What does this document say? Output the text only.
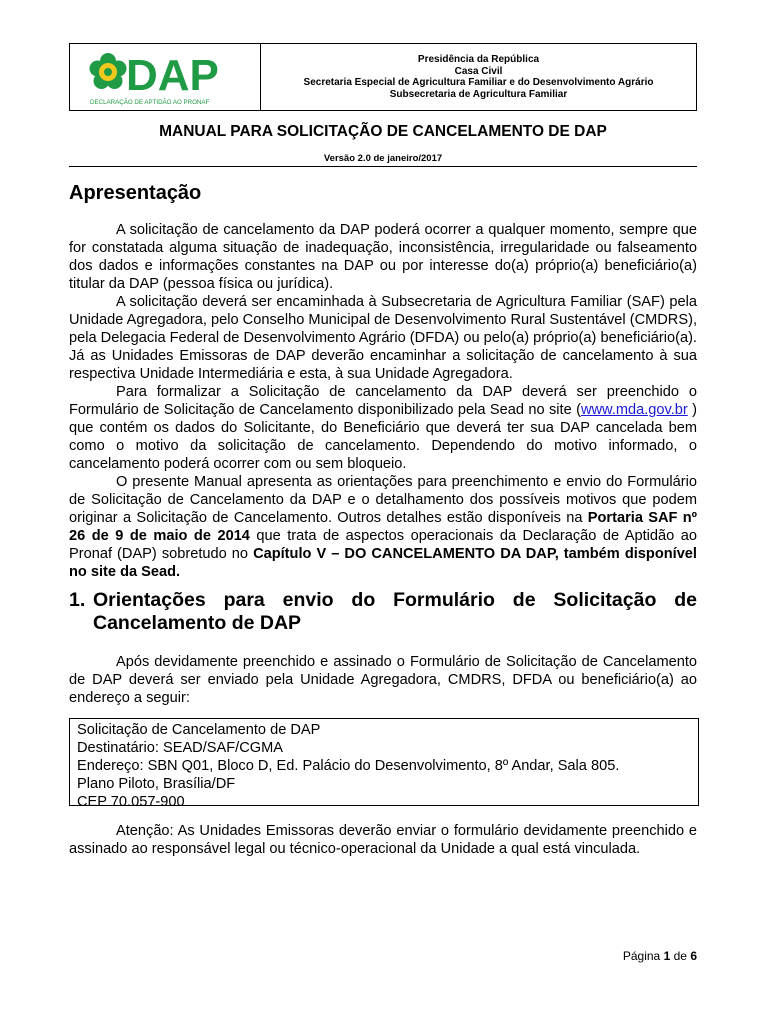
DAP
DECLARAÇÃO DE APTIDÃO AO PRONAF
Presidência da República
Casa Civil
Secretaria Especial de Agricultura Familiar e do Desenvolvimento Agrário
Subsecretaria de Agricultura Familiar
MANUAL PARA SOLICITAÇÃO DE CANCELAMENTO DE DAP
Versão 2.0 de janeiro/2017
Apresentação

A solicitação de cancelamento da DAP poderá ocorrer a qualquer momento, sempre que for constatada alguma situação de inadequação, inconsistência, irregularidade ou falseamento dos dados e informações constantes na DAP ou por interesse do(a) próprio(a) beneficiário(a) titular da DAP (pessoa física ou jurídica).

A solicitação deverá ser encaminhada à Subsecretaria de Agricultura Familiar (SAF) pela Unidade Agregadora, pelo Conselho Municipal de Desenvolvimento Rural Sustentável (CMDRS), pela Delegacia Federal de Desenvolvimento Agrário (DFDA) ou pelo(a) próprio(a) beneficiário(a). Já as Unidades Emissoras de DAP deverão encaminhar a solicitação de cancelamento à sua respectiva Unidade Intermediária e esta, à sua Unidade Agregadora.

Para formalizar a Solicitação de cancelamento da DAP deverá ser preenchido o Formulário de Solicitação de Cancelamento disponibilizado pela Sead no site (www.mda.gov.br ) que contém os dados do Solicitante, do Beneficiário que deverá ter sua DAP cancelada bem como o motivo da solicitação de cancelamento. Dependendo do motivo informado, o cancelamento poderá ocorrer com ou sem bloqueio.

O presente Manual apresenta as orientações para preenchimento e envio do Formulário de Solicitação de Cancelamento da DAP e o detalhamento dos possíveis motivos que podem originar a Solicitação de Cancelamento. Outros detalhes estão disponíveis na Portaria SAF nº 26 de 9 de maio de 2014 que trata de aspectos operacionais da Declaração de Aptidão ao Pronaf (DAP) sobretudo no Capítulo V – DO CANCELAMENTO DA DAP, também disponível no site da Sead.

1. Orientações para envio do Formulário de Solicitação de Cancelamento de DAP

Após devidamente preenchido e assinado o Formulário de Solicitação de Cancelamento de DAP deverá ser enviado pela Unidade Agregadora, CMDRS, DFDA ou beneficiário(a) ao endereço a seguir:

Solicitação de Cancelamento de DAP
Destinatário: SEAD/SAF/CGMA
Endereço: SBN Q01, Bloco D, Ed. Palácio do Desenvolvimento, 8º Andar, Sala 805.
Plano Piloto, Brasília/DF
CEP 70.057-900

Atenção: As Unidades Emissoras deverão enviar o formulário devidamente preenchido e assinado ao responsável legal ou técnico-operacional da Unidade a qual está vinculada.

Página 1 de 6
